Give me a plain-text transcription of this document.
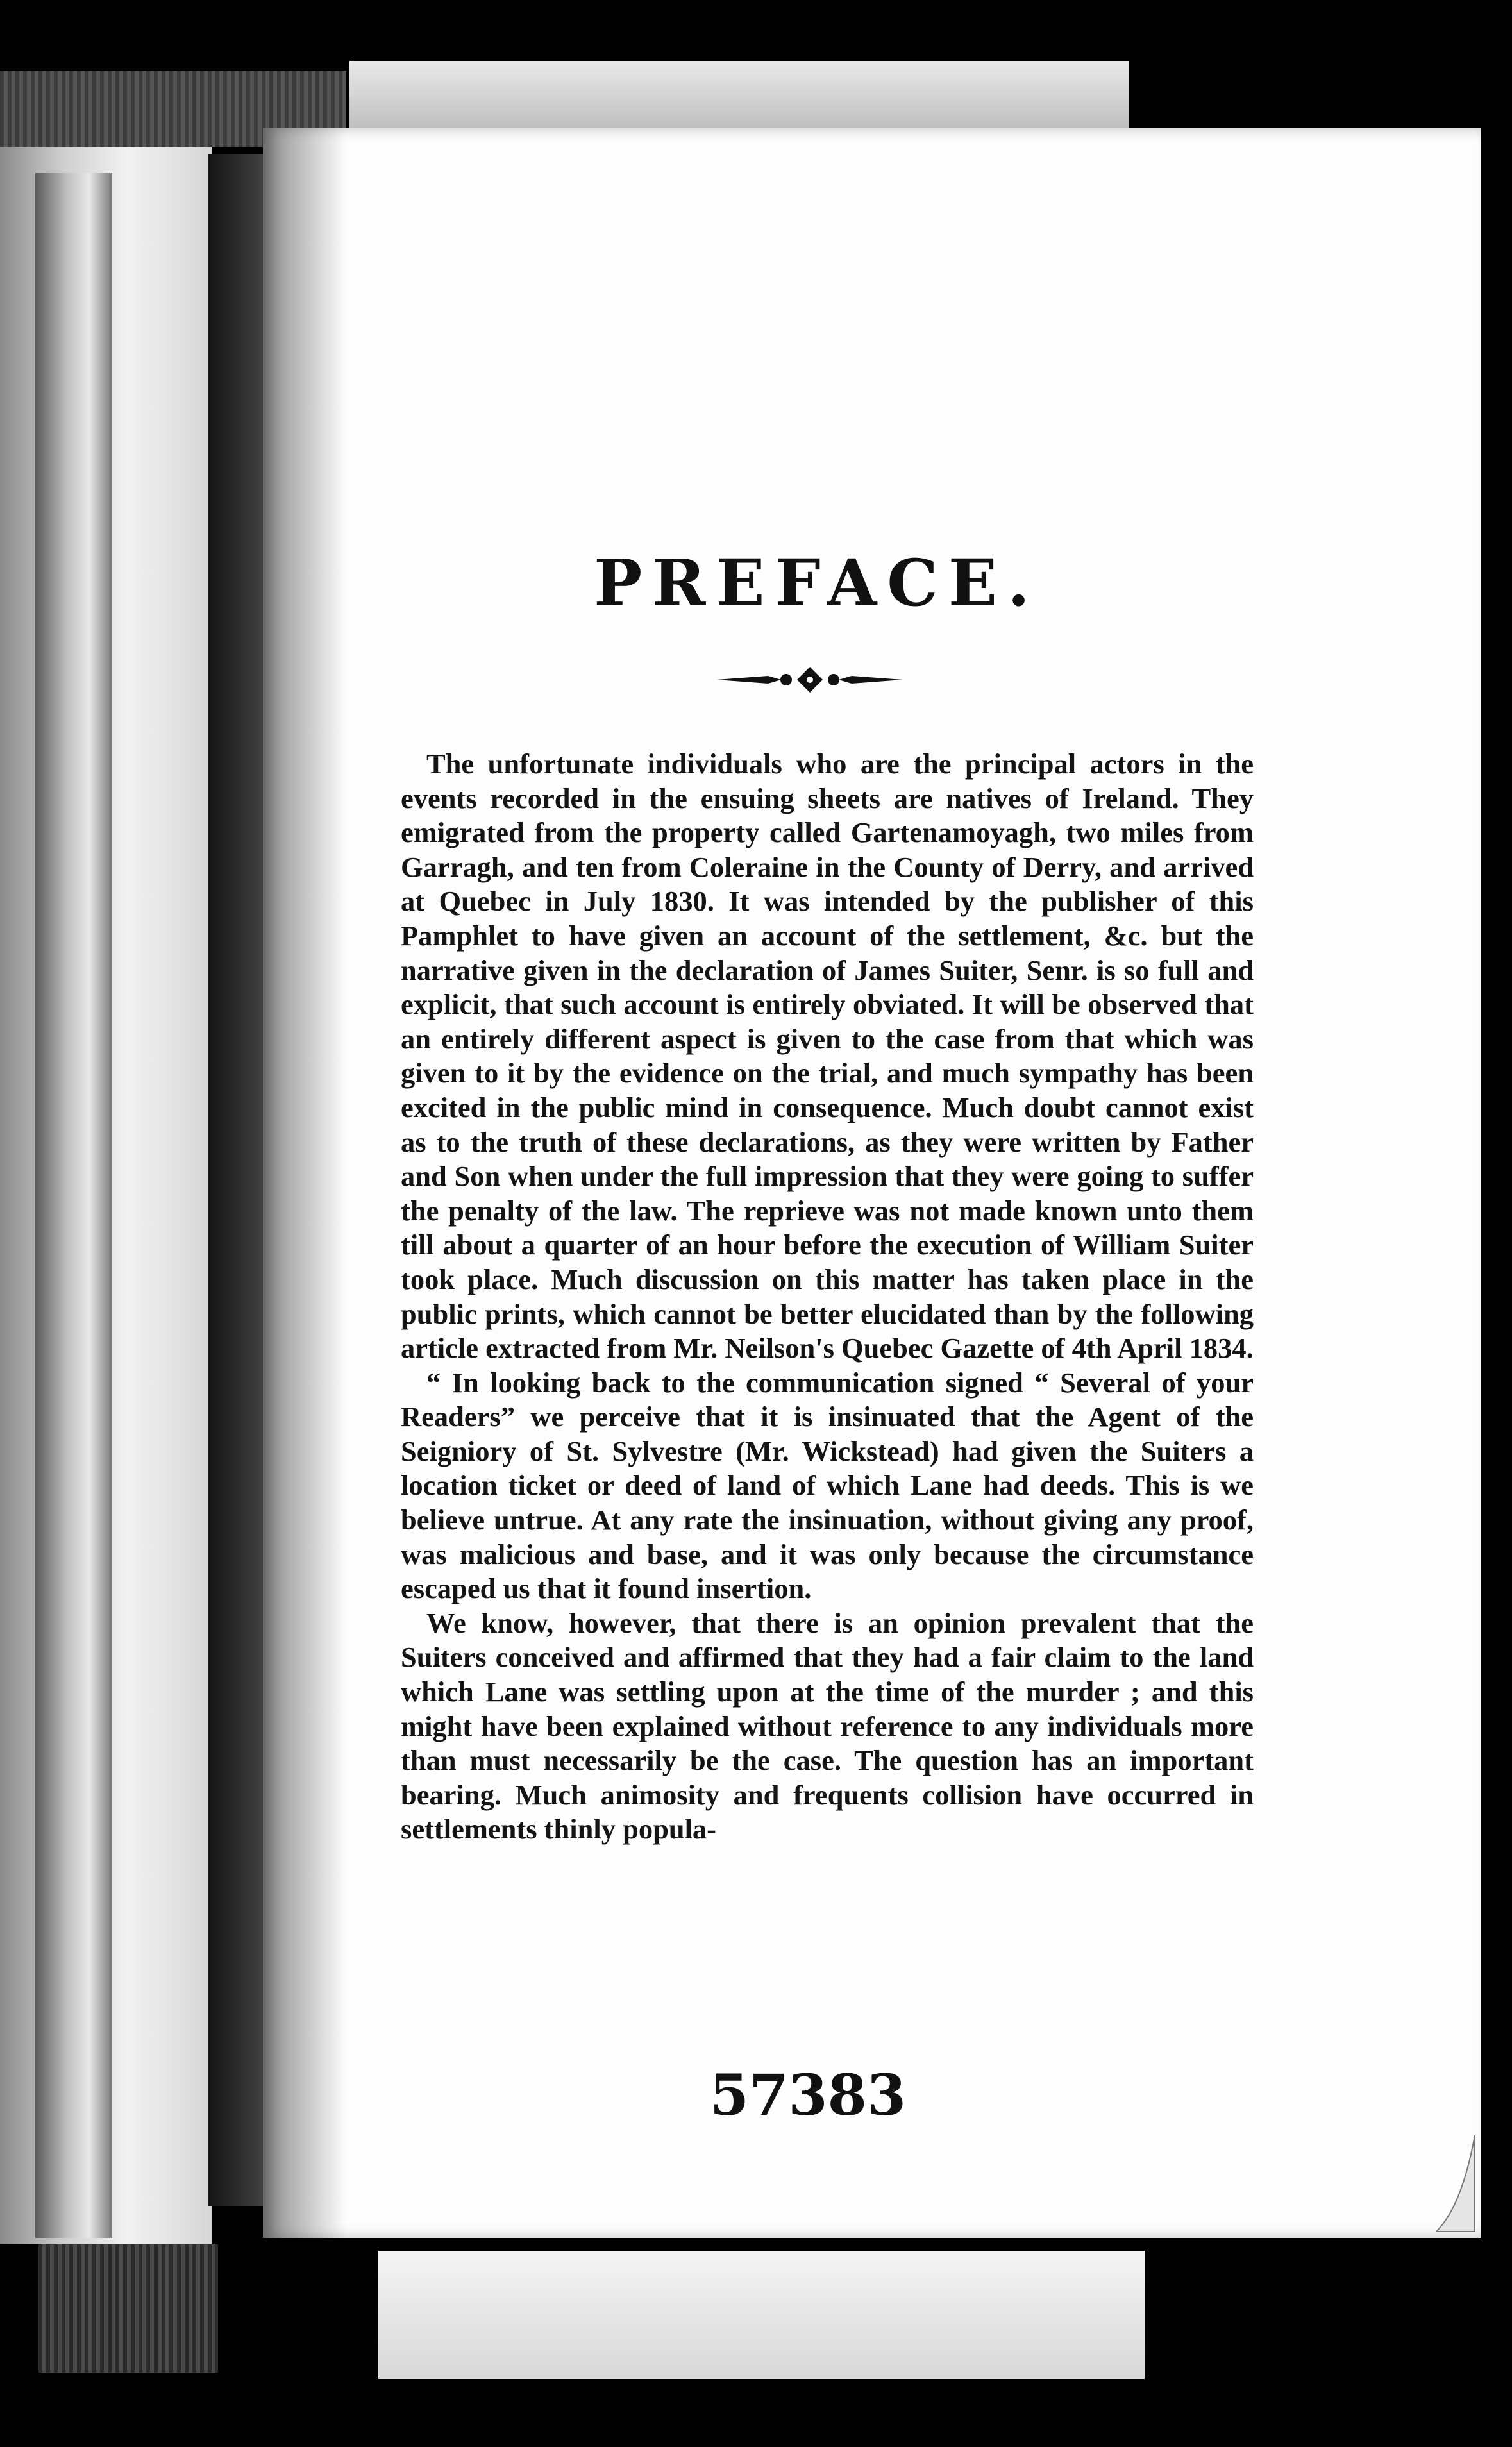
PREFACE.

The unfortunate individuals who are the principal actors in the events recorded in the ensuing sheets are natives of Ireland. They emigrated from the property called Gartenamoyagh, two miles from Garragh, and ten from Coleraine in the County of Derry, and arrived at Quebec in July 1830. It was intended by the publisher of this Pamphlet to have given an account of the settlement, &c. but the narrative given in the declaration of James Suiter, Senr. is so full and explicit, that such account is entirely obviated. It will be observed that an entirely different aspect is given to the case from that which was given to it by the evidence on the trial, and much sympathy has been excited in the public mind in consequence. Much doubt cannot exist as to the truth of these declarations, as they were written by Father and Son when under the full impression that they were going to suffer the penalty of the law. The reprieve was not made known unto them till about a quarter of an hour before the execution of William Suiter took place. Much discussion on this matter has taken place in the public prints, which cannot be better elucidated than by the following article extracted from Mr. Neilson's Quebec Gazette of 4th April 1834.

“ In looking back to the communication signed “ Several of your Readers” we perceive that it is insinuated that the Agent of the Seigniory of St. Sylvestre (Mr. Wickstead) had given the Suiters a location ticket or deed of land of which Lane had deeds. This is we believe untrue. At any rate the insinuation, without giving any proof, was malicious and base, and it was only because the circumstance escaped us that it found insertion.

We know, however, that there is an opinion prevalent that the Suiters conceived and affirmed that they had a fair claim to the land which Lane was settling upon at the time of the murder ; and this might have been explained without reference to any individuals more than must necessarily be the case. The question has an important bearing. Much animosity and frequents collision have occurred in settlements thinly popula-

57383
